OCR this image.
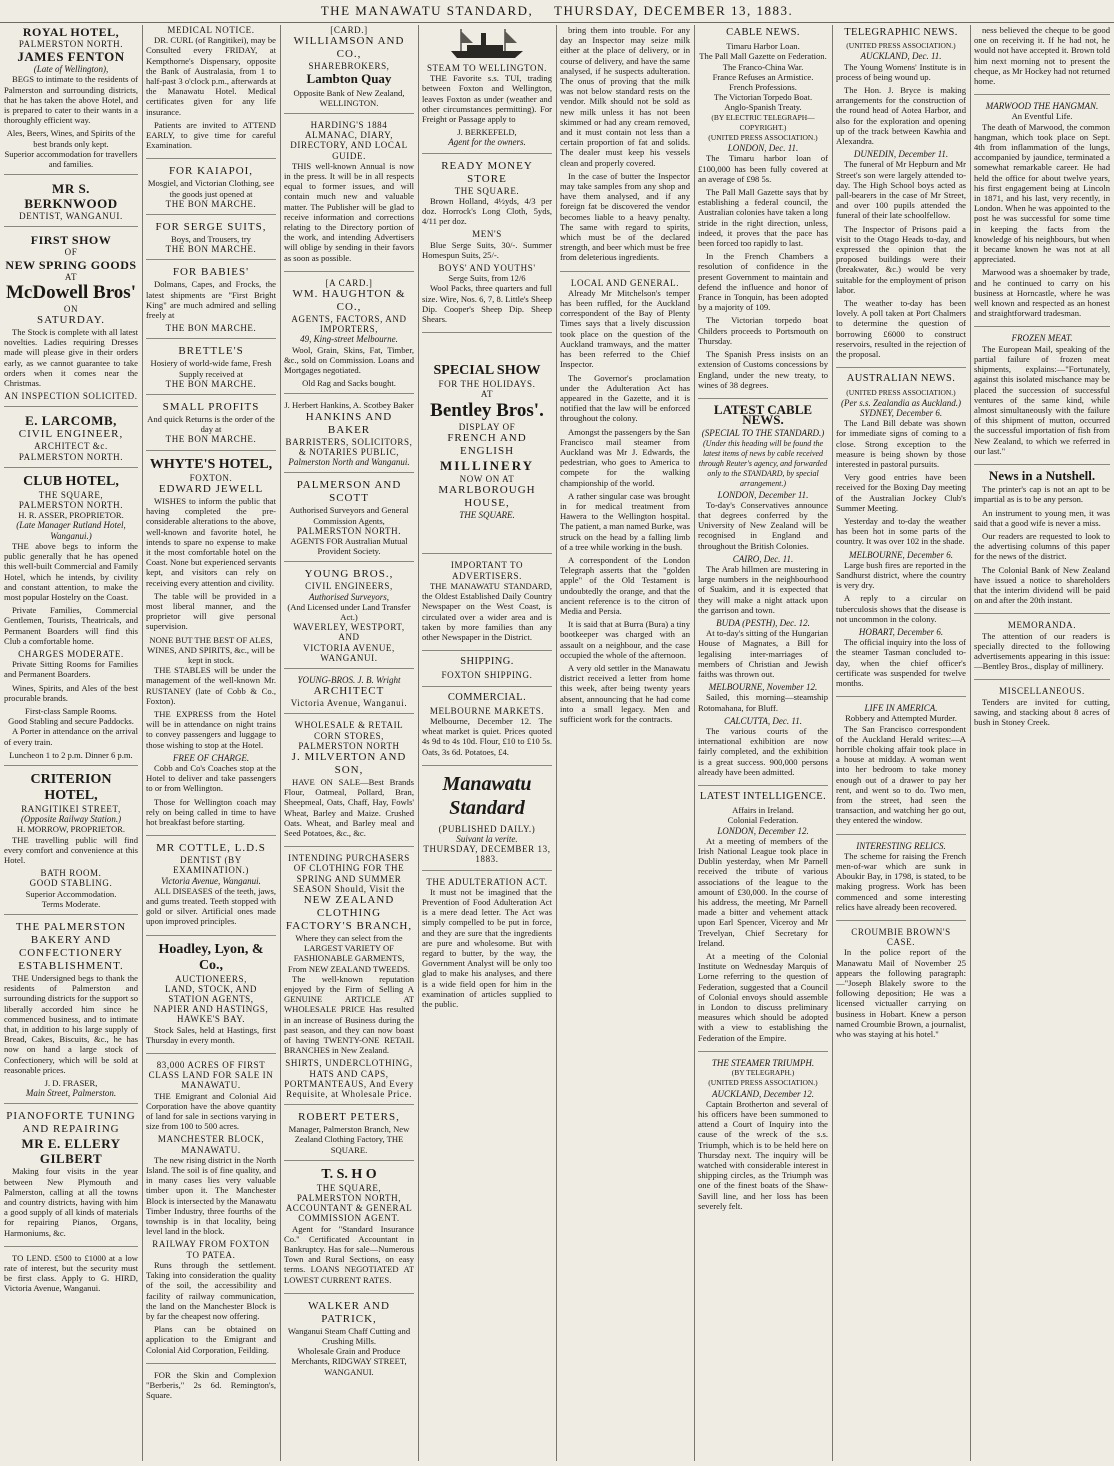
THE MANAWATU STANDARD, THURSDAY, DECEMBER 13, 1883.
ROYAL HOTEL,
PALMERSTON NORTH.
JAMES FENTON
(Late of Wellington),
BEGS to intimate to the residents of Palmerston and surrounding districts, that he has taken the above Hotel, and is prepared to cater to their wants in a thoroughly efficient way.
Ales, Beers, Wines, and Spirits of the best brands only kept.
Superior accommodation for travellers and families.
MR S. BERKNWOOD
DENTIST, WANGANUI.
FIRST SHOW
OF
NEW SPRING GOODS
AT
McDowell Bros'
ON
SATURDAY.
The Stock is complete with all latest novelties. Ladies requiring Dresses made will please give in their orders early, as we cannot guarantee to take orders when it comes near the Christmas.
AN INSPECTION SOLICITED.
E. LARCOMB,
CIVIL ENGINEER,
ARCHITECT &c.
PALMERSTON NORTH.
CLUB HOTEL,
THE SQUARE,
PALMERSTON NORTH.
H. R. ASSER, PROPRIETOR.
(Late Manager Rutland Hotel, Wanganui.)
THE above begs to inform the public generally that he has opened this well-built Commercial and Family Hotel, which he intends, by civility and constant attention, to make the most popular Hostelry on the Coast.
Private Families, Commercial Gentlemen, Tourists, Theatricals, and Permanent Boarders will find this Club a comfortable home.
CHARGES MODERATE.
Private Sitting Rooms for Families and Permanent Boarders.
Wines, Spirits, and Ales of the best procurable brands.
First-class Sample Rooms.
Good Stabling and secure Paddocks.
A Porter in attendance on the arrival of every train.
Luncheon 1 to 2 p.m. Dinner 6 p.m.
CRITERION HOTEL,
RANGITIKEI STREET,
(Opposite Railway Station.)
H. MORROW, PROPRIETOR.
THE travelling public will find every comfort and convenience at this Hotel.
BATH ROOM.
GOOD STABLING.
Superior Accommodation.
Terms Moderate.
THE PALMERSTON BAKERY AND CONFECTIONERY ESTABLISHMENT.
THE Undersigned begs to thank the residents of Palmerston and surrounding districts for the support so liberally accorded him since he commenced business, and to intimate that, in addition to his large supply of Bread, Cakes, Biscuits, &c., he has now on hand a large stock of Confectionery, which will be sold at reasonable prices.
J. D. FRASER,
Main Street, Palmerston.
PIANOFORTE TUNING AND REPAIRING
MR E. ELLERY GILBERT
Making four visits in the year between New Plymouth and Palmerston, calling at all the towns and country districts, having with him a good supply of all kinds of materials for repairing Pianos, Organs, Harmoniums, &c.
TO LEND. £500 to £1000 at a low rate of interest, but the security must be first class. Apply to G. HIRD, Victoria Avenue, Wanganui.
MEDICAL NOTICE.
DR. CURL (of Rangitikei), may be Consulted every FRIDAY, at Kempthorne's Dispensary, opposite the Bank of Australasia, from 1 to half-past 3 o'clock p.m., afterwards at the Manawatu Hotel. Medical certificates given for any life insurance.
Patients are invited to ATTEND EARLY, to give time for careful Examination.
FOR KAIAPOI,
Mosgiel, and Victorian Clothing, see the goods just opened at
THE BON MARCHE.
FOR SERGE SUITS,
Boys, and Trousers, try
THE BON MARCHE.
FOR BABIES'
Dolmans, Capes, and Frocks, the latest shipments are "First Bright King" are much admired and selling freely at
THE BON MARCHE.
BRETTLE'S
Hosiery of world-wide fame, Fresh Supply received at
THE BON MARCHE.
SMALL PROFITS
And quick Returns is the order of the day at
THE BON MARCHE.
WHYTE'S HOTEL,
FOXTON.
EDWARD JEWELL
WISHES to inform the public that having completed the pre-considerable alterations to the above, well-known and favorite hotel, he intends to spare no expense to make it the most comfortable hotel on the Coast. None but experienced servants kept, and visitors can rely on receiving every attention and civility.
The table will be provided in a most liberal manner, and the proprietor will give personal supervision.
NONE BUT THE BEST OF ALES, WINES, AND SPIRITS, &c., will be kept in stock.
THE STABLES will be under the management of the well-known Mr. RUSTANEY (late of Cobb & Co., Foxton).
THE EXPRESS from the Hotel will be in attendance on night trains to convey passengers and luggage to those wishing to stop at the Hotel.
FREE OF CHARGE.
Cobb and Co's Coaches stop at the Hotel to deliver and take passengers to or from Wellington.
Those for Wellington coach may rely on being called in time to have hot breakfast before starting.
MR COTTLE, L.D.S
DENTIST (BY EXAMINATION.)
Victoria Avenue, Wanganui.
ALL DISEASES of the teeth, jaws, and gums treated. Teeth stopped with gold or silver. Artificial ones made upon improved principles.
Hoadley, Lyon, & Co.,
AUCTIONEERS,
LAND, STOCK, AND STATION AGENTS,
NAPIER AND HASTINGS,
HAWKE'S BAY.
Stock Sales, held at Hastings, first Thursday in every month.
83,000 ACRES OF FIRST CLASS LAND FOR SALE IN MANAWATU.
THE Emigrant and Colonial Aid Corporation have the above quantity of land for sale in sections varying in size from 100 to 500 acres.
MANCHESTER BLOCK, MANAWATU.
The new rising district in the North Island. The soil is of fine quality, and in many cases lies very valuable timber upon it. The Manchester Block is intersected by the Manawatu Timber Industry, three fourths of the township is in that locality, being level land in the block.
RAILWAY FROM FOXTON TO PATEA.
Runs through the settlement. Taking into consideration the quality of the soil, the accessibility and facility of railway communication, the land on the Manchester Block is by far the cheapest now offering.
Plans can be obtained on application to the Emigrant and Colonial Aid Corporation, Feilding.
FOR the Skin and Complexion "Berberis," 2s 6d. Remington's, Square.
[CARD.]
WILLIAMSON AND CO.,
SHAREBROKERS,
Lambton Quay
Opposite Bank of New Zealand, WELLINGTON.
HARDING'S 1884 ALMANAC, DIARY, DIRECTORY, AND LOCAL GUIDE.
THIS well-known Annual is now in the press. It will be in all respects equal to former issues, and will contain much new and valuable matter. The Publisher will be glad to receive information and corrections relating to the Directory portion of the work, and intending Advertisers will oblige by sending in their favors as soon as possible.
[A CARD.]
WM. HAUGHTON & CO.,
AGENTS, FACTORS, AND IMPORTERS,
49, King-street Melbourne.
Wool, Grain, Skins, Fat, Timber, &c., sold on Commission. Loans and Mortgages negotiated.
Old Rag and Sacks bought.
J. Herbert Hankins, A. Scotbey Baker
HANKINS AND BAKER
BARRISTERS, SOLICITORS, & NOTARIES PUBLIC,
Palmerston North and Wanganui.
PALMERSON AND SCOTT
Authorised Surveyors and General Commission Agents,
PALMERSTON NORTH.
AGENTS FOR Australian Mutual Provident Society.
YOUNG BROS.,
CIVIL ENGINEERS,
Authorised Surveyors,
(And Licensed under Land Transfer Act.)
WAVERLEY, WESTPORT, AND
VICTORIA AVENUE, WANGANUI.
YOUNG-BROS. J. B. Wright
ARCHITECT
Victoria Avenue, Wanganui.
WHOLESALE & RETAIL CORN STORES, PALMERSTON NORTH
J. MILVERTON AND SON,
HAVE ON SALE—Best Brands Flour, Oatmeal, Pollard, Bran, Sheepmeal, Oats, Chaff, Hay, Fowls' Wheat, Barley and Maize. Crushed Oats. Wheat, and Barley meal and Seed Potatoes, &c., &c.
INTENDING PURCHASERS OF CLOTHING FOR THE SPRING AND SUMMER SEASON Should, Visit the
NEW ZEALAND CLOTHING FACTORY'S BRANCH,
Where they can select from the LARGEST VARIETY OF FASHIONABLE GARMENTS, From NEW ZEALAND TWEEDS.
The well-known reputation enjoyed by the Firm of Selling A GENUINE ARTICLE AT WHOLESALE PRICE Has resulted in an increase of Business during the past season, and they can now boast of having TWENTY-ONE RETAIL BRANCHES in New Zealand.
SHIRTS, UNDERCLOTHING, HATS AND CAPS, PORTMANTEAUS, And Every Requisite, at Wholesale Price.
ROBERT PETERS,
Manager, Palmerston Branch, New Zealand Clothing Factory, THE SQUARE.
T. S. H O
THE SQUARE, PALMERSTON NORTH,
ACCOUNTANT & GENERAL COMMISSION AGENT.
Agent for "Standard Insurance Co." Certificated Accountant in Bankruptcy. Has for sale—Numerous Town and Rural Sections, on easy terms. LOANS NEGOTIATED AT LOWEST CURRENT RATES.
WALKER AND PATRICK,
Wanganui Steam Chaff Cutting and Crushing Mills.
Wholesale Grain and Produce Merchants, RIDGWAY STREET, WANGANUI.
STEAM TO WELLINGTON.
THE Favorite s.s. TUI, trading between Foxton and Wellington, leaves Foxton as under (weather and other circumstances permitting). For Freight or Passage apply to
J. BERKEFELD,
Agent for the owners.
READY MONEY STORE
THE SQUARE.
Brown Holland, 4½yds, 4/3 per doz. Horrock's Long Cloth, 5yds, 4/11 per doz.
MEN'S
Blue Serge Suits, 30/-. Summer Homespun Suits, 25/-.
BOYS' AND YOUTHS'
Serge Suits, from 12/6
Wool Packs, three quarters and full size. Wire, Nos. 6, 7, 8. Little's Sheep Dip. Cooper's Sheep Dip. Sheep Shears.
SPECIAL SHOW
FOR THE HOLIDAYS.
AT
Bentley Bros'.
DISPLAY OF
FRENCH AND ENGLISH
MILLINERY
NOW ON AT
MARLBOROUGH HOUSE,
THE SQUARE.
IMPORTANT TO ADVERTISERS.
THE MANAWATU STANDARD, the Oldest Established Daily Country Newspaper on the West Coast, is circulated over a wider area and is taken by more families than any other Newspaper in the District.
SHIPPING.
FOXTON SHIPPING.
COMMERCIAL.
MELBOURNE MARKETS.
Melbourne, December 12. The wheat market is quiet. Prices quoted 4s 9d to 4s 10d. Flour, £10 to £10 5s. Oats, 3s 6d. Potatoes, £4.
Manawatu Standard
(PUBLISHED DAILY.)
Suivant la verite.
THURSDAY, DECEMBER 13, 1883.
THE ADULTERATION ACT.
It must not be imagined that the Prevention of Food Adulteration Act is a mere dead letter. The Act was simply compelled to be put in force, and they are sure that the ingredients are pure and wholesome. But with regard to butter, by the way, the Government Analyst will be only too glad to make his analyses, and there is a wide field open for him in the examination of articles supplied to the public.
bring them into trouble. For any day an Inspector may seize milk either at the place of delivery, or in course of delivery, and have the same analysed, if he suspects adulteration. The onus of proving that the milk was not below standard rests on the vendor. Milk should not be sold as new milk unless it has not been skimmed or had any cream removed, and it must contain not less than a certain proportion of fat and solids. The dealer must keep his vessels clean and properly covered.
In the case of butter the Inspector may take samples from any shop and have them analysed, and if any foreign fat be discovered the vendor becomes liable to a heavy penalty. The same with regard to spirits, which must be of the declared strength, and beer which must be free from deleterious ingredients.
LOCAL AND GENERAL.
Already Mr Mitchelson's temper has been ruffled, for the Auckland correspondent of the Bay of Plenty Times says that a lively discussion took place on the question of the Auckland tramways, and the matter has been referred to the Chief Inspector.
The Governor's proclamation under the Adulteration Act has appeared in the Gazette, and it is notified that the law will be enforced throughout the colony.
Amongst the passengers by the San Francisco mail steamer from Auckland was Mr J. Edwards, the pedestrian, who goes to America to compete for the walking championship of the world.
A rather singular case was brought in for medical treatment from Hawera to the Wellington hospital. The patient, a man named Burke, was struck on the head by a falling limb of a tree while working in the bush.
A correspondent of the London Telegraph asserts that the "golden apple" of the Old Testament is undoubtedly the orange, and that the ancient reference is to the citron of Media and Persia.
It is said that at Burra (Bura) a tiny bootkeeper was charged with an assault on a neighbour, and the case occupied the whole of the afternoon.
A very old settler in the Manawatu district received a letter from home this week, after being twenty years absent, announcing that he had come into a small legacy. Men and sufficient work for the contracts.
CABLE NEWS.
Timaru Harbor Loan.
The Pall Mall Gazette on Federation.
The Franco-China War.
France Refuses an Armistice.
French Professions.
The Victorian Torpedo Boat.
Anglo-Spanish Treaty.
(BY ELECTRIC TELEGRAPH—COPYRIGHT.)
(UNITED PRESS ASSOCIATION.)
LONDON, Dec. 11.
The Timaru harbor loan of £100,000 has been fully covered at an average of £98 5s.
The Pall Mall Gazette says that by establishing a federal council, the Australian colonies have taken a long stride in the right direction, unless, indeed, it proves that the pace has been forced too rapidly to last.
In the French Chambers a resolution of confidence in the present Government to maintain and defend the influence and honor of France in Tonquin, has been adopted by a majority of 109.
The Victorian torpedo boat Childers proceeds to Portsmouth on Thursday.
The Spanish Press insists on an extension of Customs concessions by England, under the new treaty, to wines of 38 degrees.
LATEST CABLE NEWS.
(SPECIAL TO THE STANDARD.)
(Under this heading will be found the latest items of news by cable received through Reuter's agency, and forwarded only to the STANDARD, by special arrangement.)
LONDON, December 11.
To-day's Conservatives announce that degrees conferred by the University of New Zealand will be recognised in England and throughout the British Colonies.
CAIRO, Dec. 11.
The Arab hillmen are mustering in large numbers in the neighbourhood of Suakim, and it is expected that they will make a night attack upon the garrison and town.
BUDA (PESTH), Dec. 12.
At to-day's sitting of the Hungarian House of Magnates, a Bill for legalising inter-marriages of members of Christian and Jewish faiths was thrown out.
MELBOURNE, November 12.
Sailed, this morning—steamship Rotomahana, for Bluff.
CALCUTTA, Dec. 11.
The various courts of the international exhibition are now fairly completed, and the exhibition is a great success. 900,000 persons already have been admitted.
LATEST INTELLIGENCE.
Affairs in Ireland.
Colonial Federation.
LONDON, December 12.
At a meeting of members of the Irish National League took place in Dublin yesterday, when Mr Parnell received the tribute of various associations of the league to the amount of £30,000. In the course of his address, the meeting, Mr Parnell made a bitter and vehement attack upon Earl Spencer, Viceroy and Mr Trevelyan, Chief Secretary for Ireland.
At a meeting of the Colonial Institute on Wednesday Marquis of Lorne referring to the question of Federation, suggested that a Council of Colonial envoys should assemble in London to discuss preliminary measures which should be adopted with a view to establishing the Federation of the Empire.
THE STEAMER TRIUMPH.
(BY TELEGRAPH.)
(UNITED PRESS ASSOCIATION.)
AUCKLAND, December 12.
Captain Brotherton and several of his officers have been summoned to attend a Court of Inquiry into the cause of the wreck of the s.s. Triumph, which is to be held here on Thursday next. The inquiry will be watched with considerable interest in shipping circles, as the Triumph was one of the finest boats of the Shaw-Savill line, and her loss has been severely felt.
TELEGRAPHIC NEWS.
(UNITED PRESS ASSOCIATION.)
AUCKLAND, Dec. 11.
The Young Womens' Institute is in process of being wound up.
The Hon. J. Bryce is making arrangements for the construction of the round head of Aotea Harbor, and also for the exploration and opening up of the track between Kawhia and Alexandra.
DUNEDIN, December 11.
The funeral of Mr Hepburn and Mr Street's son were largely attended to-day. The High School boys acted as pall-bearers in the case of Mr Street, and over 100 pupils attended the funeral of their late schoolfellow.
The Inspector of Prisons paid a visit to the Otago Heads to-day, and expressed the opinion that the proposed buildings were their (breakwater, &c.) would be very suitable for the employment of prison labor.
The weather to-day has been lovely. A poll taken at Port Chalmers to determine the question of borrowing £6000 to construct reservoirs, resulted in the rejection of the proposal.
AUSTRALIAN NEWS.
(UNITED PRESS ASSOCIATION.)
(Per s.s. Zealandia as Auckland.)
SYDNEY, December 6.
The Land Bill debate was shown for immediate signs of coming to a close. Strong exception to the measure is being shown by those interested in pastoral pursuits.
Very good entries have been received for the Boxing Day meeting of the Australian Jockey Club's Summer Meeting.
Yesterday and to-day the weather has been hot in some parts of the country. It was over 102 in the shade.
MELBOURNE, December 6.
Large bush fires are reported in the Sandhurst district, where the country is very dry.
A reply to a circular on tuberculosis shows that the disease is not uncommon in the colony.
HOBART, December 6.
The official inquiry into the loss of the steamer Tasman concluded to-day, when the chief officer's certificate was suspended for twelve months.
LIFE IN AMERICA.
Robbery and Attempted Murder.
The San Francisco correspondent of the Auckland Herald writes:—A horrible choking affair took place in a house at midday. A woman went into her bedroom to take money enough out of a drawer to pay her rent, and went so to do. Two men, from the street, had seen the transaction, and watching her go out, they entered the window.
INTERESTING RELICS.
The scheme for raising the French men-of-war which are sunk in Aboukir Bay, in 1798, is stated, to be making progress. Work has been commenced and some interesting relics have already been recovered.
CROUMBIE BROWN'S CASE.
In the police report of the Manawatu Mail of November 25 appears the following paragraph:—"Joseph Blakely swore to the following deposition; He was a licensed victualler carrying on business in Hobart. Knew a person named Croumbie Brown, a journalist, who was staying at his hotel."
ness believed the cheque to be good one on receiving it. If he had not, he would not have accepted it. Brown told him next morning not to present the cheque, as Mr Hockey had not returned home.
MARWOOD THE HANGMAN.
An Eventful Life.
The death of Marwood, the common hangman, which took place on Sept. 4th from inflammation of the lungs, accompanied by jaundice, terminated a somewhat remarkable career. He had held the office for about twelve years, his first engagement being at Lincoln in 1871, and his last, very recently, in London. When he was appointed to the post he was successful for some time in keeping the facts from the knowledge of his neighbours, but when it became known he was not at all appreciated.
Marwood was a shoemaker by trade, and he continued to carry on his business at Horncastle, where he was well known and respected as an honest and straightforward tradesman.
FROZEN MEAT.
The European Mail, speaking of the partial failure of frozen meat shipments, explains:—"Fortunately, against this isolated mischance may be placed the succession of successful ventures of the same kind, while almost simultaneously with the failure of this shipment of mutton, occurred the successful importation of fish from New Zealand, to which we referred in our last."
News in a Nutshell.
The printer's cap is not an apt to be impartial as is to be any person.
An instrument to young men, it was said that a good wife is never a miss.
Our readers are requested to look to the advertising columns of this paper for the news of the district.
The Colonial Bank of New Zealand have issued a notice to shareholders that the interim dividend will be paid on and after the 20th instant.
MEMORANDA.
The attention of our readers is specially directed to the following advertisements appearing in this issue:—Bentley Bros., display of millinery.
MISCELLANEOUS.
Tenders are invited for cutting, sawing, and stacking about 8 acres of bush in Stoney Creek.
